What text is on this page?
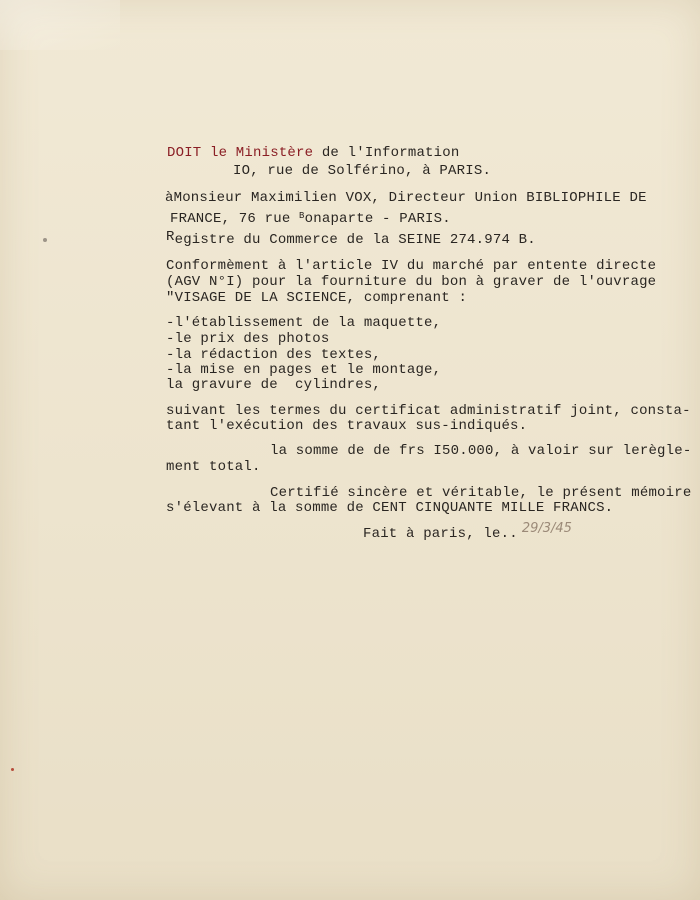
DOIT le Ministère de l'Information
IO, rue de Solférino, à PARIS.
àMonsieur Maximilien VOX, Directeur Union BIBLIOPHILE DE
FRANCE, 76 rue $^B$onaparte - PARIS.
Registre du Commerce de la SEINE 274.974 B.
Conformèment à l'article IV du marché par entente directe
(AGV N°I) pour la fourniture du bon à graver de l'ouvrage
"VISAGE DE LA SCIENCE, comprenant :
-l'établissement de la maquette,
-le prix des photos
-la rédaction des textes,
-la mise en pages et le montage,
la gravure de  cylindres,
suivant les termes du certificat administratif joint, consta-
tant l'exécution des travaux sus-indiqués.
la somme de de frs I50.000, à valoir sur lerègle-
ment total.
Certifié sincère et véritable, le présent mémoire
s'élevant à la somme de CENT CINQUANTE MILLE FRANCS.
Fait à paris, le.. 29/3/45
